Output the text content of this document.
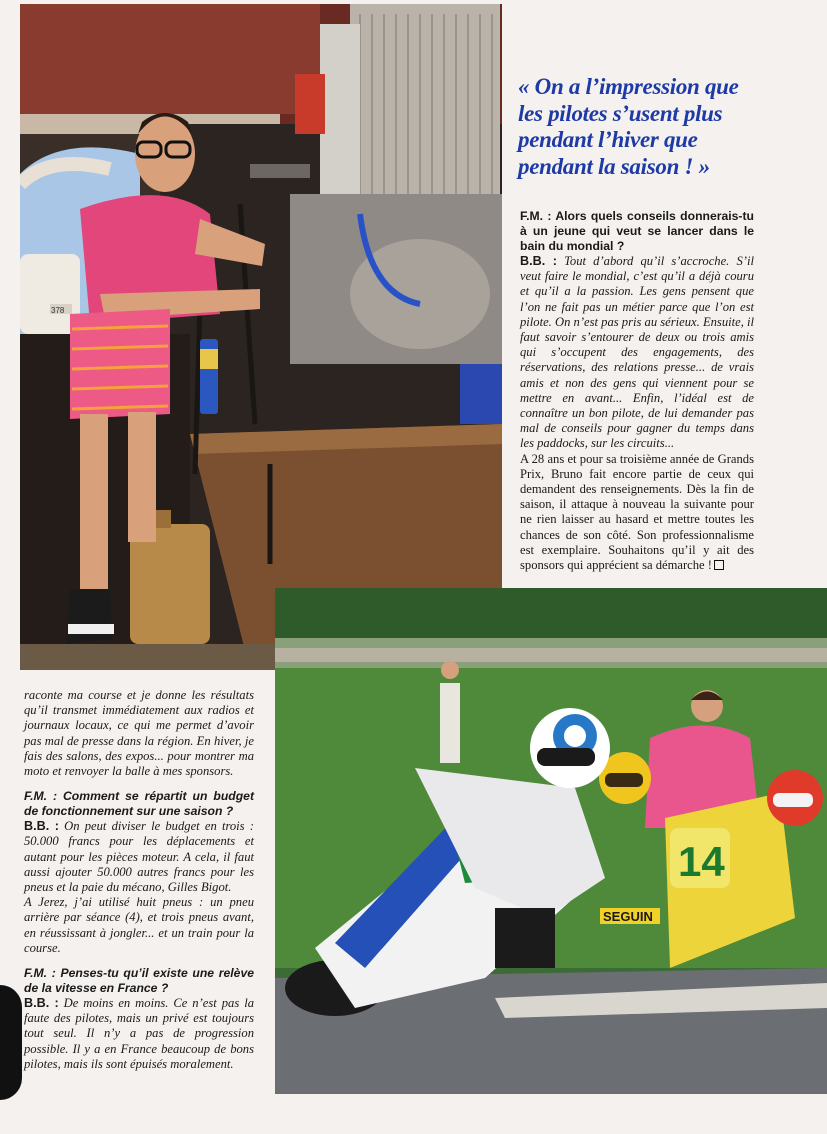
378
« On a l’impression que les pilotes s’usent plus pendant l’hiver que pendant la saison ! »

F.M. : Alors quels conseils donnerais-tu à un jeune qui veut se lancer dans le bain du mondial ?

B.B. : Tout d’abord qu’il s’accroche. S’il veut faire le mondial, c’est qu’il a déjà couru et qu’il a la passion. Les gens pensent que l’on ne fait pas un métier parce que l’on est pilote. On n’est pas pris au sérieux. Ensuite, il faut savoir s’entourer de deux ou trois amis qui s’occupent des engagements, des réservations, des relations presse... de vrais amis et non des gens qui viennent pour se mettre en avant... Enfin, l’idéal est de connaître un bon pilote, de lui demander pas mal de conseils pour gagner du temps dans les paddocks, sur les circuits...

A 28 ans et pour sa troisième année de Grands Prix, Bruno fait encore partie de ceux qui demandent des renseignements. Dès la fin de saison, il attaque à nouveau la suivante pour ne rien laisser au hasard et mettre toutes les chances de son côté. Son professionnalisme est exemplaire. Souhaitons qu’il y ait des sponsors qui apprécient sa démarche !

14
SEGUIN

raconte ma course et je donne les résultats qu’il transmet immédiatement aux radios et journaux locaux, ce qui me permet d’avoir pas mal de presse dans la région. En hiver, je fais des salons, des expos... pour montrer ma moto et renvoyer la balle à mes sponsors.

F.M. : Comment se répartit un budget de fonctionnement sur une saison ?

B.B. : On peut diviser le budget en trois : 50.000 francs pour les déplacements et autant pour les pièces moteur. A cela, il faut aussi ajouter 50.000 autres francs pour les pneus et la paie du mécano, Gilles Bigot.

A Jerez, j’ai utilisé huit pneus : un pneu arrière par séance (4), et trois pneus avant, en réussissant à jongler... et un train pour la course.

F.M. : Penses-tu qu’il existe une relève de la vitesse en France ?

B.B. : De moins en moins. Ce n’est pas la faute des pilotes, mais un privé est toujours tout seul. Il n’y a pas de progression possible. Il y a en France beaucoup de bons pilotes, mais ils sont épuisés moralement.
